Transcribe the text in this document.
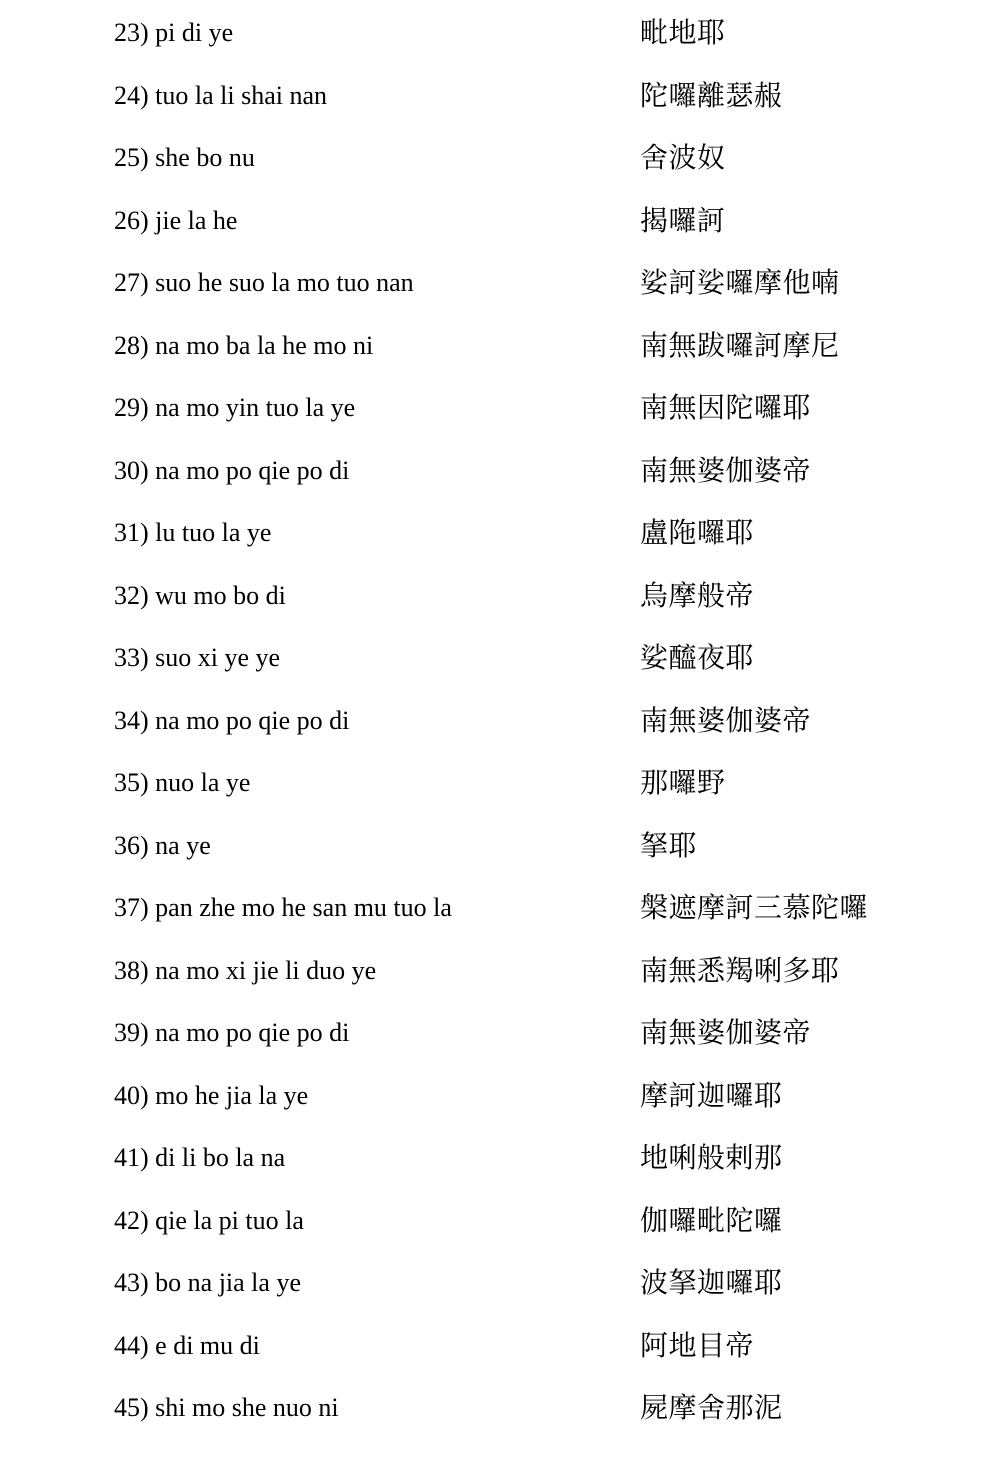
23) pi di ye	毗地耶
24) tuo la li shai nan	陀囉離瑟赧
25) she bo nu	舍波奴
26) jie la he	揭囉訶
27) suo he suo la mo tuo nan	娑訶娑囉摩他喃
28) na mo ba la he mo ni	南無跋囉訶摩尼
29) na mo yin tuo la ye	南無因陀囉耶
30) na mo po qie po di	南無婆伽婆帝
31) lu tuo la ye	盧陁囉耶
32) wu mo bo di	烏摩般帝
33) suo xi ye ye	娑醯夜耶
34) na mo po qie po di	南無婆伽婆帝
35) nuo la ye	那囉野
36) na ye	拏耶
37) pan zhe mo he san mu tuo la	槃遮摩訶三慕陀囉
38) na mo xi jie li duo ye	南無悉羯唎多耶
39) na mo po qie po di	南無婆伽婆帝
40) mo he jia la ye	摩訶迦囉耶
41) di li bo la na	地唎般剌那
42) qie la pi tuo la	伽囉毗陀囉
43) bo na jia la ye	波拏迦囉耶
44) e di mu di	阿地目帝
45) shi mo she nuo ni	屍摩舍那泥
